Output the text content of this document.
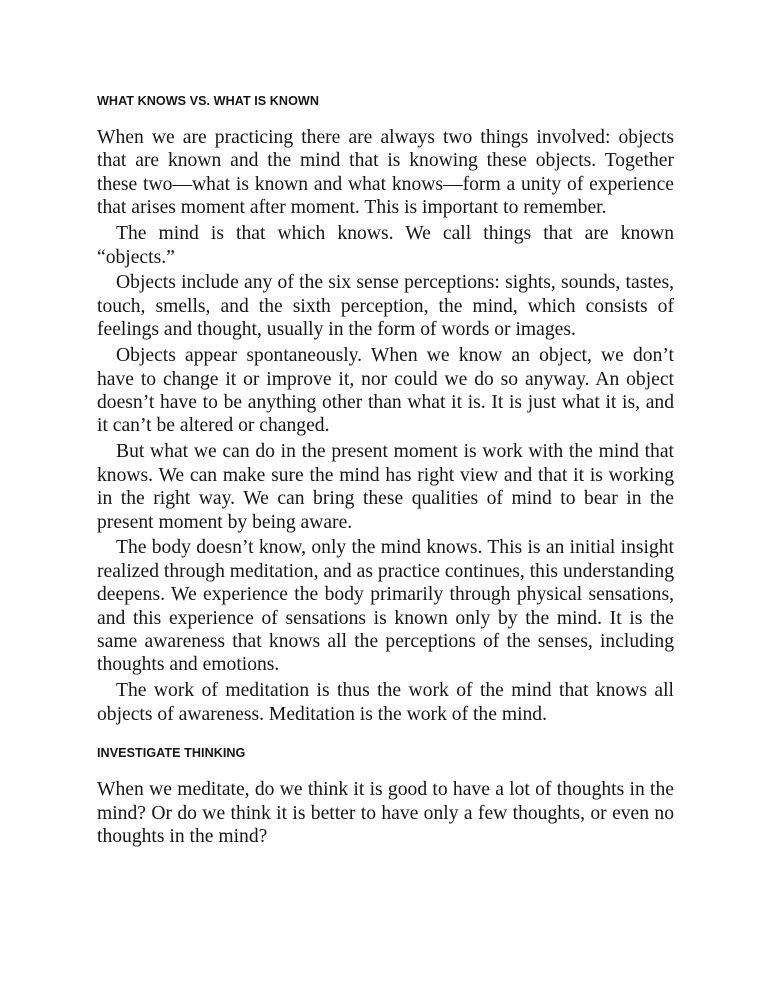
WHAT KNOWS VS. WHAT IS KNOWN

When we are practicing there are always two things involved: objects that are known and the mind that is knowing these objects. Together these two—what is known and what knows—form a unity of experience that arises moment after moment. This is important to remember.

The mind is that which knows. We call things that are known “objects.”

Objects include any of the six sense perceptions: sights, sounds, tastes, touch, smells, and the sixth perception, the mind, which consists of feelings and thought, usually in the form of words or images.

Objects appear spontaneously. When we know an object, we don’t have to change it or improve it, nor could we do so anyway. An object doesn’t have to be anything other than what it is. It is just what it is, and it can’t be altered or changed.

But what we can do in the present moment is work with the mind that knows. We can make sure the mind has right view and that it is working in the right way. We can bring these qualities of mind to bear in the present moment by being aware.

The body doesn’t know, only the mind knows. This is an initial insight realized through meditation, and as practice continues, this understanding deepens. We experience the body primarily through physical sensations, and this experience of sensations is known only by the mind. It is the same awareness that knows all the perceptions of the senses, including thoughts and emotions.

The work of meditation is thus the work of the mind that knows all objects of awareness. Meditation is the work of the mind.

INVESTIGATE THINKING

When we meditate, do we think it is good to have a lot of thoughts in the mind? Or do we think it is better to have only a few thoughts, or even no thoughts in the mind?
